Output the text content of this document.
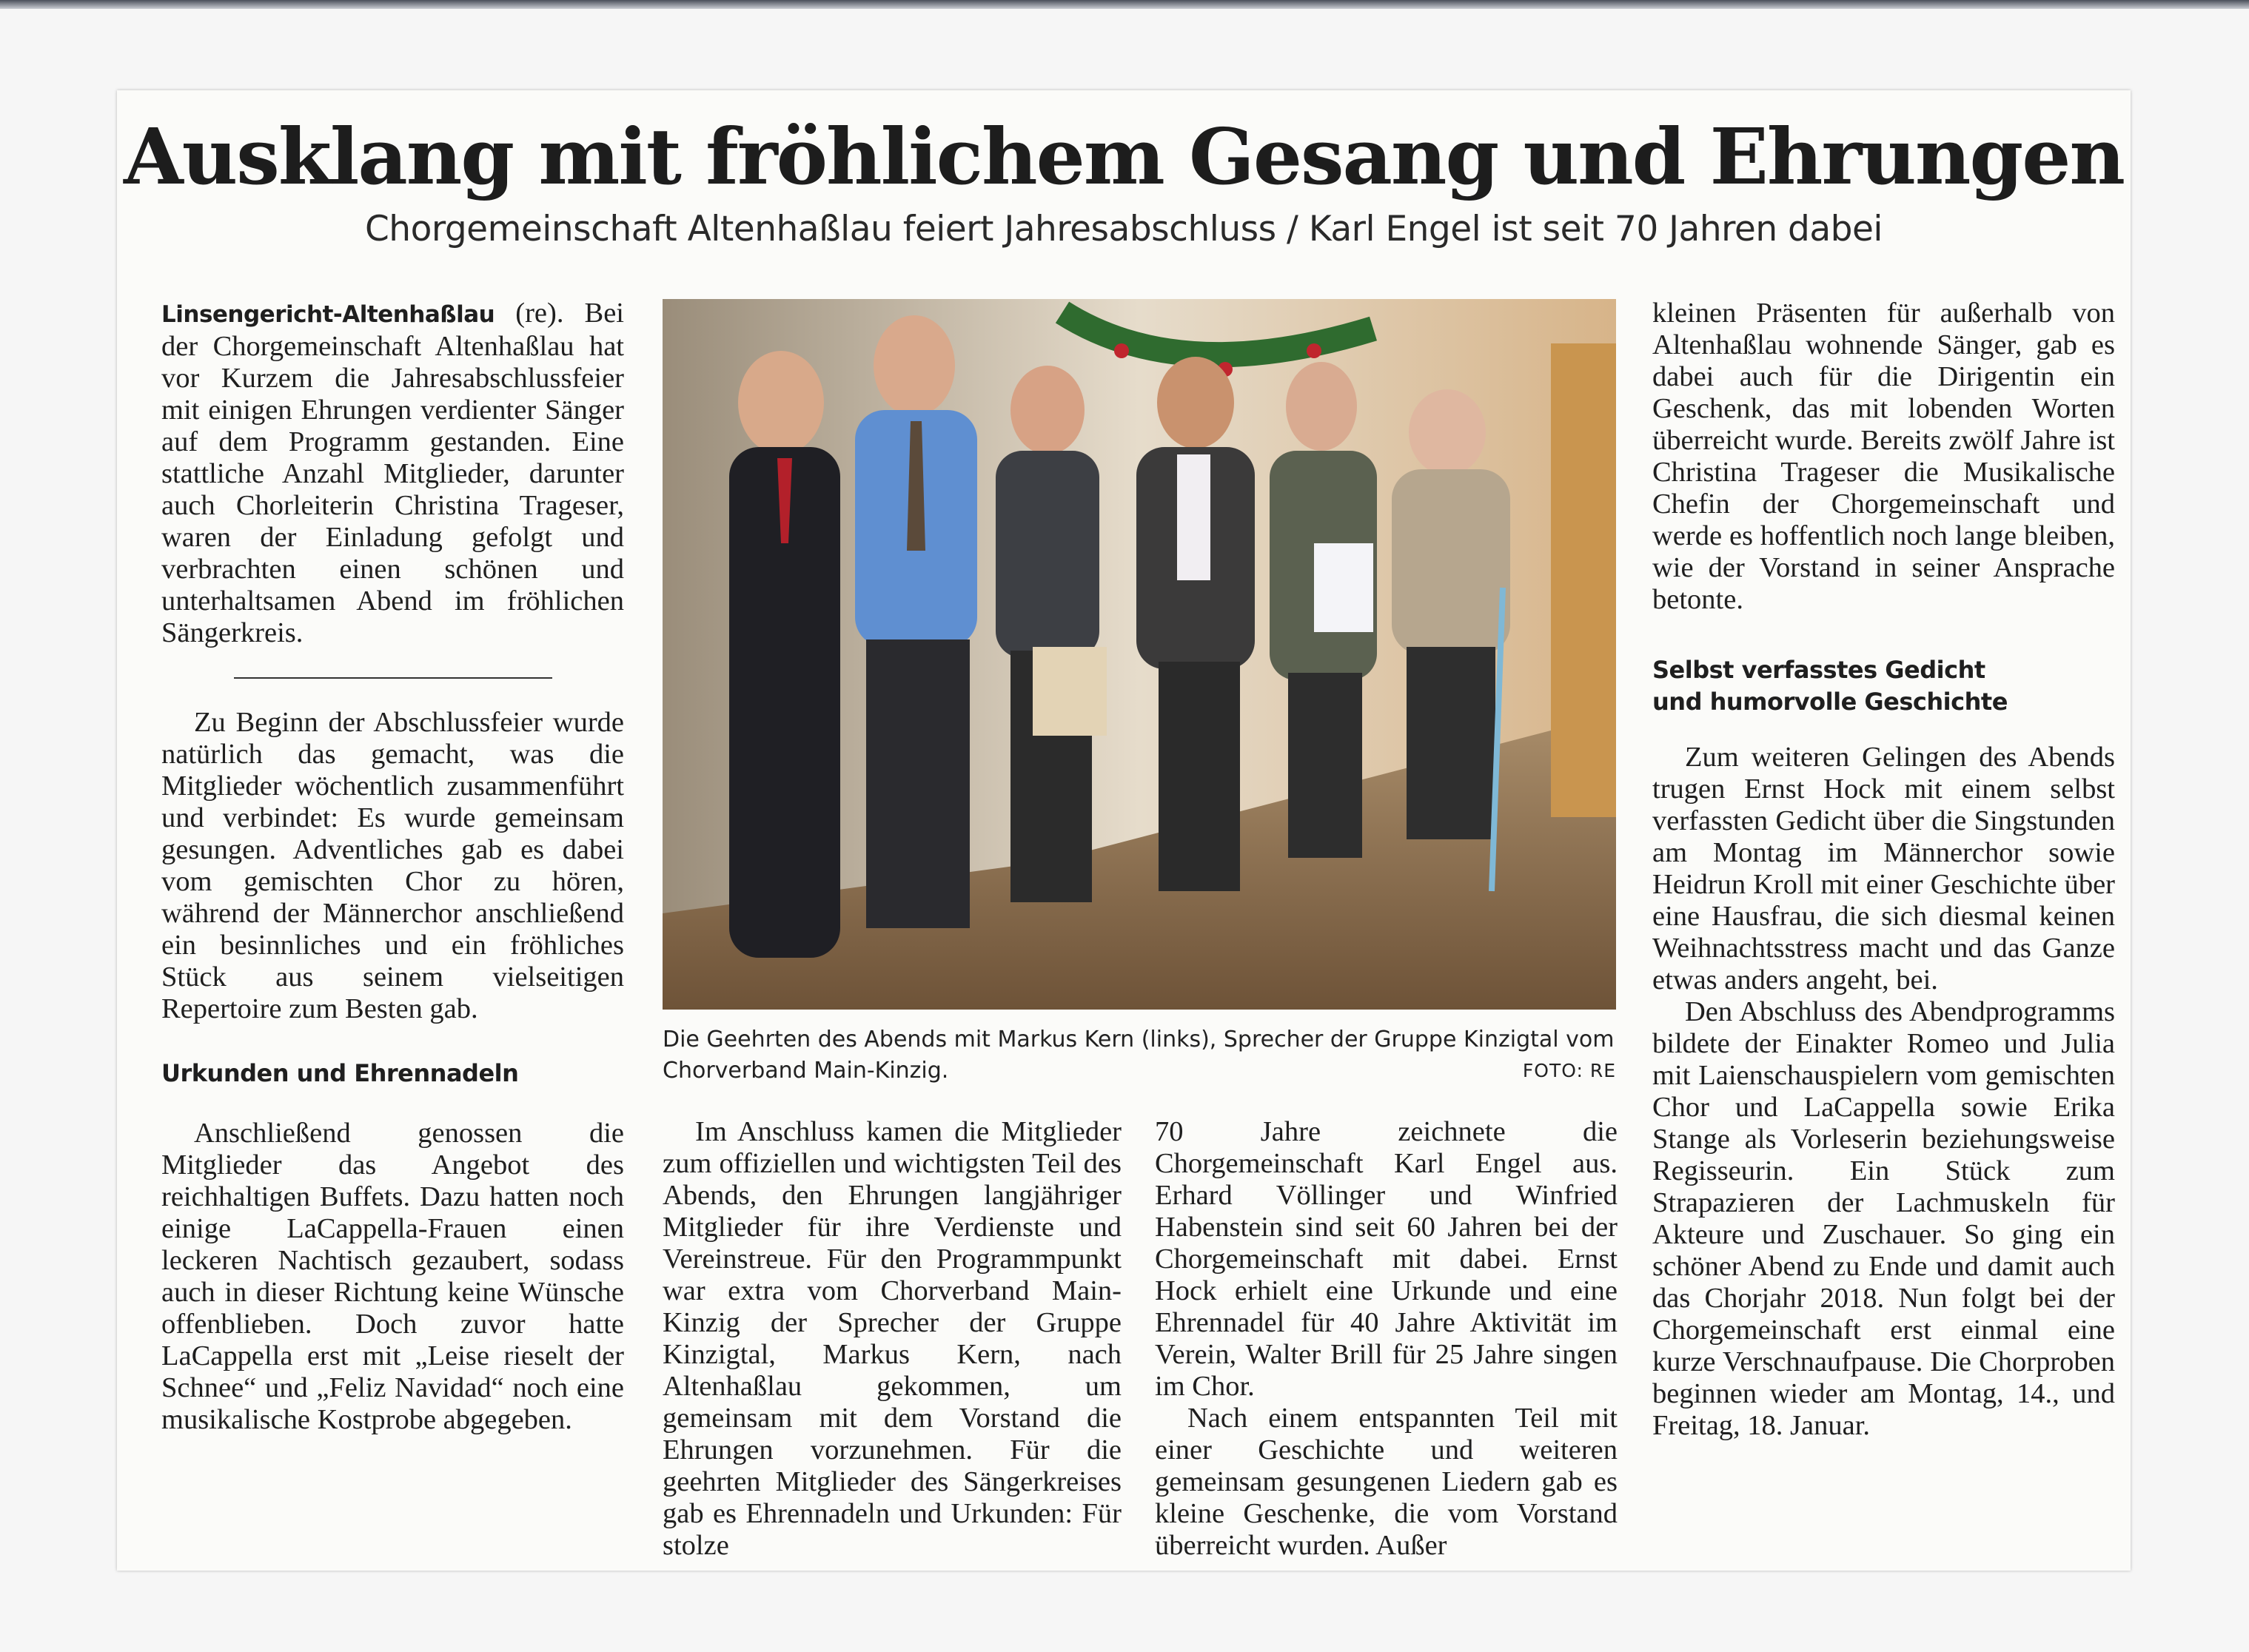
Ausklang mit fröhlichem Gesang und Ehrungen
Chorgemeinschaft Altenhaßlau feiert Jahresabschluss / Karl Engel ist seit 70 Jahren dabei

Linsengericht-Altenhaßlau (re). Bei der Chorgemeinschaft Altenhaßlau hat vor Kurzem die Jahresabschlussfeier mit einigen Ehrungen verdienter Sänger auf dem Programm gestanden. Eine stattliche Anzahl Mitglieder, darunter auch Chorleiterin Christina Trageser, waren der Einladung gefolgt und verbrachten einen schönen und unterhaltsamen Abend im fröhlichen Sängerkreis.

Zu Beginn der Abschlussfeier wurde natürlich das gemacht, was die Mitglieder wöchentlich zusammenführt und verbindet: Es wurde gemeinsam gesungen. Adventliches gab es dabei vom gemischten Chor zu hören, während der Männerchor anschließend ein besinnliches und ein fröhliches Stück aus seinem vielseitigen Repertoire zum Besten gab.

Urkunden und Ehrennadeln

Anschließend genossen die Mitglieder das Angebot des reichhaltigen Buffets. Dazu hatten noch einige LaCappella-Frauen einen leckeren Nachtisch gezaubert, sodass auch in dieser Richtung keine Wünsche offenblieben. Doch zuvor hatte LaCappella erst mit „Leise rieselt der Schnee“ und „Feliz Navidad“ noch eine musikalische Kostprobe abgegeben.

Die Geehrten des Abends mit Markus Kern (links), Sprecher der Gruppe Kinzigtal vom Chorverband Main-Kinzig.	FOTO: RE

Im Anschluss kamen die Mitglieder zum offiziellen und wichtigsten Teil des Abends, den Ehrungen langjähriger Mitglieder für ihre Verdienste und Vereinstreue. Für den Programmpunkt war extra vom Chorverband Main-Kinzig der Sprecher der Gruppe Kinzigtal, Markus Kern, nach Altenhaßlau gekommen, um gemeinsam mit dem Vorstand die Ehrungen vorzunehmen. Für die geehrten Mitglieder des Sängerkreises gab es Ehrennadeln und Urkunden: Für stolze

70 Jahre zeichnete die Chorgemeinschaft Karl Engel aus. Erhard Völlinger und Winfried Habenstein sind seit 60 Jahren bei der Chorgemeinschaft mit dabei. Ernst Hock erhielt eine Urkunde und eine Ehrennadel für 40 Jahre Aktivität im Verein, Walter Brill für 25 Jahre singen im Chor.

Nach einem entspannten Teil mit einer Geschichte und weiteren gemeinsam gesungenen Liedern gab es kleine Geschenke, die vom Vorstand überreicht wurden. Außer

kleinen Präsenten für außerhalb von Altenhaßlau wohnende Sänger, gab es dabei auch für die Dirigentin ein Geschenk, das mit lobenden Worten überreicht wurde. Bereits zwölf Jahre ist Christina Trageser die Musikalische Chefin der Chorgemeinschaft und werde es hoffentlich noch lange bleiben, wie der Vorstand in seiner Ansprache betonte.

Selbst verfasstes Gedicht
und humorvolle Geschichte

Zum weiteren Gelingen des Abends trugen Ernst Hock mit einem selbst verfassten Gedicht über die Singstunden am Montag im Männerchor sowie Heidrun Kroll mit einer Geschichte über eine Hausfrau, die sich diesmal keinen Weihnachtsstress macht und das Ganze etwas anders angeht, bei.

Den Abschluss des Abendprogramms bildete der Einakter Romeo und Julia mit Laienschauspielern vom gemischten Chor und LaCappella sowie Erika Stange als Vorleserin beziehungsweise Regisseurin. Ein Stück zum Strapazieren der Lachmuskeln für Akteure und Zuschauer. So ging ein schöner Abend zu Ende und damit auch das Chorjahr 2018. Nun folgt bei der Chorgemeinschaft erst einmal eine kurze Verschnaufpause. Die Chorproben beginnen wieder am Montag, 14., und Freitag, 18. Januar.
